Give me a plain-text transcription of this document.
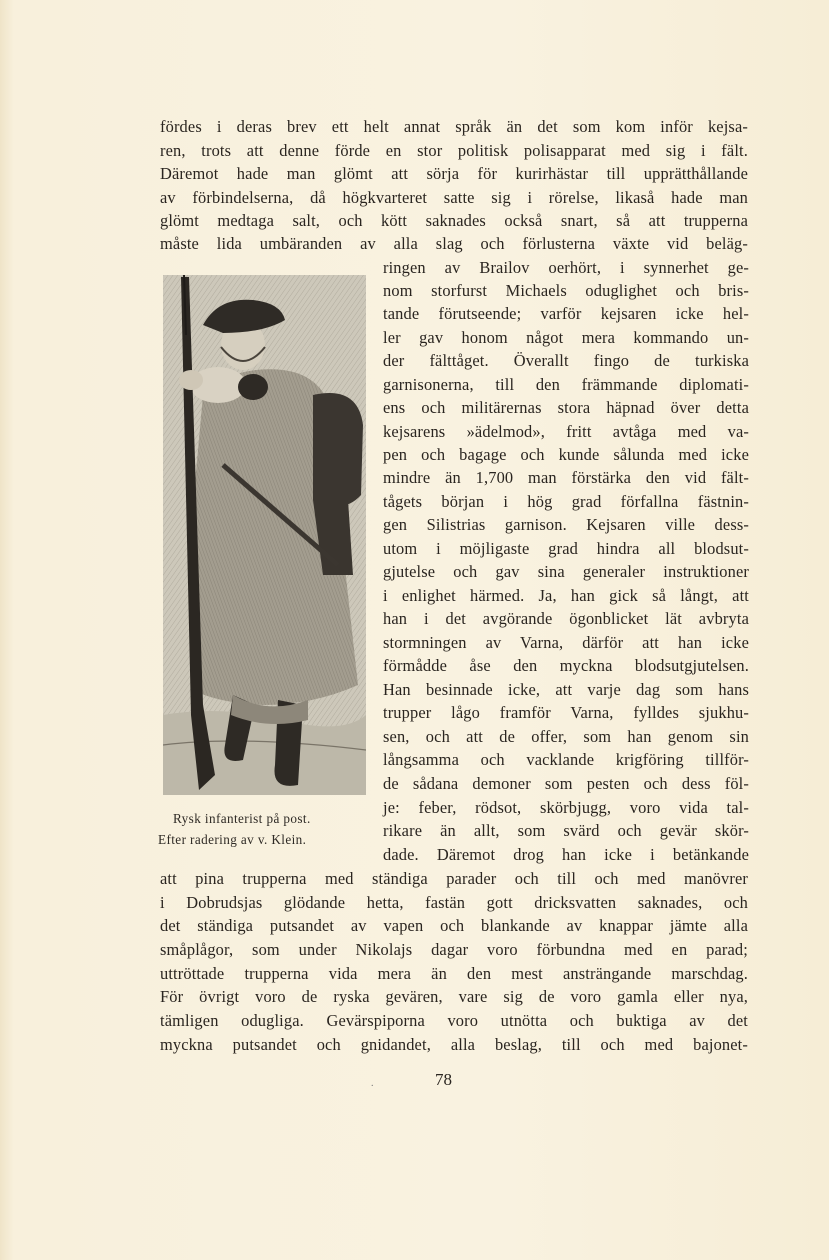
fördes i deras brev ett helt annat språk än det som kom inför kejsa-
ren, trots att denne förde en stor politisk polisapparat med sig i fält.
Däremot hade man glömt att sörja för kurirhästar till upprätthållande
av förbindelserna, då högkvarteret satte sig i rörelse, likaså hade man
glömt medtaga salt, och kött saknades också snart, så att trupperna
måste lida umbäranden av alla slag och förlusterna växte vid beläg-
ringen av Brailov oerhört, i synnerhet ge-
nom storfurst Michaels oduglighet och bris-
tande förutseende; varför kejsaren icke hel-
ler gav honom något mera kommando un-
der fälttåget. Överallt fingo de turkiska
garnisonerna, till den främmande diplomati-
ens och militärernas stora häpnad över detta
kejsarens »ädelmod», fritt avtåga med va-
pen och bagage och kunde sålunda med icke
mindre än 1,700 man förstärka den vid fält-
tågets början i hög grad förfallna fästnin-
gen Silistrias garnison. Kejsaren ville dess-
utom i möjligaste grad hindra all blodsut-
gjutelse och gav sina generaler instruktioner
i enlighet härmed. Ja, han gick så långt, att
han i det avgörande ögonblicket lät avbryta
stormningen av Varna, därför att han icke
förmådde åse den myckna blodsutgjutelsen.
Han besinnade icke, att varje dag som hans
trupper lågo framför Varna, fylldes sjukhu-
sen, och att de offer, som han genom sin
långsamma och vacklande krigföring tillför-
de sådana demoner som pesten och dess föl-
je: feber, rödsot, skörbjugg, voro vida tal-
rikare än allt, som svärd och gevär skör-
dade. Däremot drog han icke i betänkande
att pina trupperna med ständiga parader och till och med manövrer
i Dobrudsjas glödande hetta, fastän gott dricksvatten saknades, och
det ständiga putsandet av vapen och blankande av knappar jämte alla
småplågor, som under Nikolajs dagar voro förbundna med en parad;
uttröttade trupperna vida mera än den mest ansträngande marschdag.
För övrigt voro de ryska gevären, vare sig de voro gamla eller nya,
tämligen odugliga. Gevärspiporna voro utnötta och buktiga av det
myckna putsandet och gnidandet, alla beslag, till och med bajonet-
Rysk infanterist på post.
Efter radering av v. Klein.
.	78
